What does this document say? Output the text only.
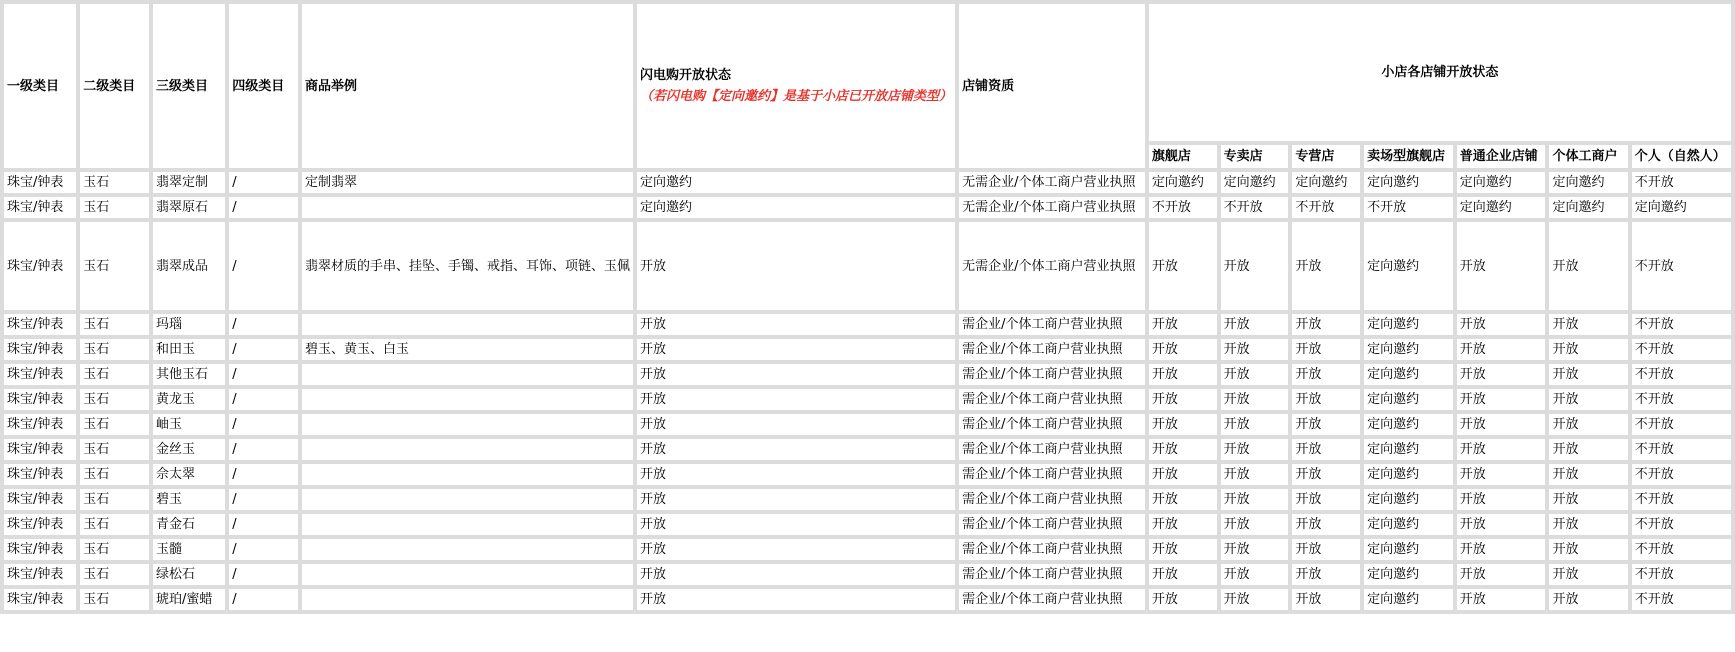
一级类目	二级类目	三级类目	四级类目	商品举例	闪电购开放状态
（若闪电购【定向邀约】是基于小店已开放店铺类型）	店铺资质	小店各店铺开放状态						
							旗舰店	专卖店	专营店	卖场型旗舰店	普通企业店铺	个体工商户	个人（自然人）
珠宝/钟表	玉石	翡翠定制	/	定制翡翠	定向邀约	无需企业/个体工商户营业执照	定向邀约	定向邀约	定向邀约	定向邀约	定向邀约	定向邀约	不开放
珠宝/钟表	玉石	翡翠原石	/		定向邀约	无需企业/个体工商户营业执照	不开放	不开放	不开放	不开放	定向邀约	定向邀约	定向邀约
珠宝/钟表	玉石	翡翠成品	/	翡翠材质的手串、挂坠、手镯、戒指、耳饰、项链、玉佩	开放	无需企业/个体工商户营业执照	开放	开放	开放	定向邀约	开放	开放	不开放
珠宝/钟表	玉石	玛瑙	/		开放	需企业/个体工商户营业执照	开放	开放	开放	定向邀约	开放	开放	不开放
珠宝/钟表	玉石	和田玉	/	碧玉、黄玉、白玉	开放	需企业/个体工商户营业执照	开放	开放	开放	定向邀约	开放	开放	不开放
珠宝/钟表	玉石	其他玉石	/		开放	需企业/个体工商户营业执照	开放	开放	开放	定向邀约	开放	开放	不开放
珠宝/钟表	玉石	黄龙玉	/		开放	需企业/个体工商户营业执照	开放	开放	开放	定向邀约	开放	开放	不开放
珠宝/钟表	玉石	岫玉	/		开放	需企业/个体工商户营业执照	开放	开放	开放	定向邀约	开放	开放	不开放
珠宝/钟表	玉石	金丝玉	/		开放	需企业/个体工商户营业执照	开放	开放	开放	定向邀约	开放	开放	不开放
珠宝/钟表	玉石	佘太翠	/		开放	需企业/个体工商户营业执照	开放	开放	开放	定向邀约	开放	开放	不开放
珠宝/钟表	玉石	碧玉	/		开放	需企业/个体工商户营业执照	开放	开放	开放	定向邀约	开放	开放	不开放
珠宝/钟表	玉石	青金石	/		开放	需企业/个体工商户营业执照	开放	开放	开放	定向邀约	开放	开放	不开放
珠宝/钟表	玉石	玉髓	/		开放	需企业/个体工商户营业执照	开放	开放	开放	定向邀约	开放	开放	不开放
珠宝/钟表	玉石	绿松石	/		开放	需企业/个体工商户营业执照	开放	开放	开放	定向邀约	开放	开放	不开放
珠宝/钟表	玉石	琥珀/蜜蜡	/		开放	需企业/个体工商户营业执照	开放	开放	开放	定向邀约	开放	开放	不开放
